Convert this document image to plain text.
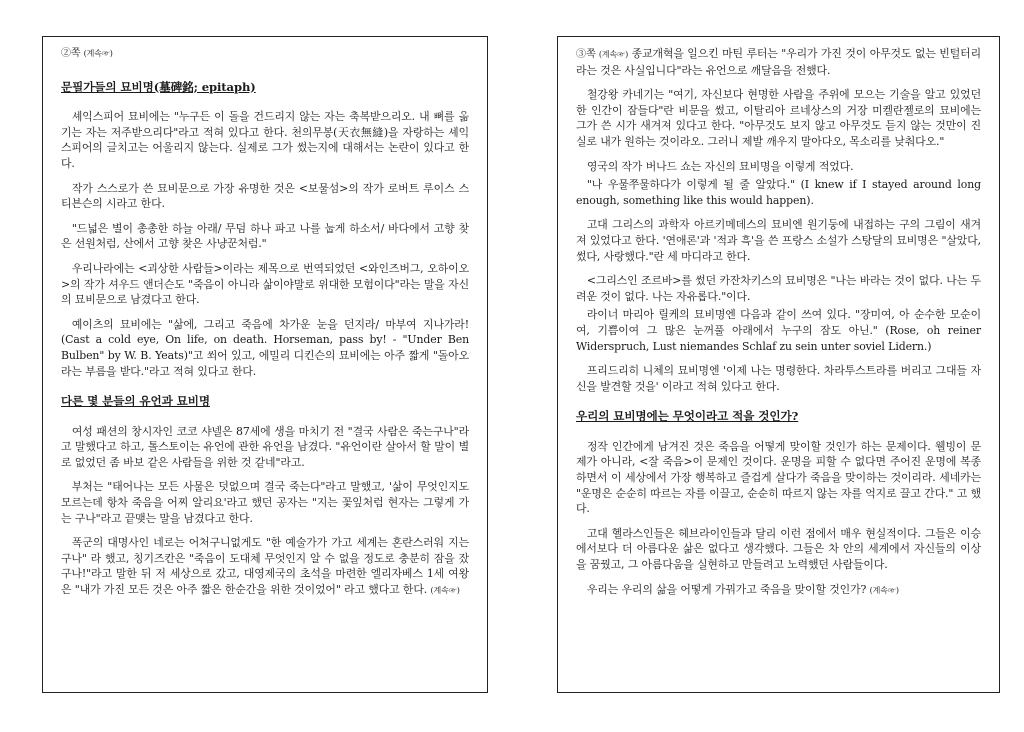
②쪽 (계속☞)
문필가들의 묘비명(墓碑銘; epitaph)

셰익스피어 묘비에는 "누구든 이 돌을 건드리지 않는 자는 축복받으리오. 내 뼈를 옮기는 자는 저주받으리다"라고 적혀 있다고 한다. 천의무봉(天衣無縫)을 자랑하는 셰익스피어의 글치고는 어울리지 않는다. 실제로 그가 썼는지에 대해서는 논란이 있다고 한다.

작가 스스로가 쓴 묘비문으로 가장 유명한 것은 <보물섬>의 작가 로버트 루이스 스티븐슨의 시라고 한다.

"드넓은 별이 총총한 하늘 아래/ 무덤 하나 파고 나를 눕게 하소서/ 바다에서 고향 찾은 선원처럼, 산에서 고향 찾은 사냥꾼처럼."

우리나라에는 <괴상한 사람들>이라는 제목으로 번역되었던 <와인즈버그, 오하이오>의 작가 셔우드 앤더슨도 "죽음이 아니라 삶이야말로 위대한 모험이다"라는 말을 자신의 묘비문으로 남겼다고 한다.

예이츠의 묘비에는 "삶에, 그리고 죽음에 차가운 눈을 던지라/ 마부여 지나가라! (Cast a cold eye, On life, on death. Horseman, pass by! - "Under Ben Bulben" by W. B. Yeats)"고 쐬어 있고, 에밀리 디킨슨의 묘비에는 아주 짧게 "돌아오라는 부름을 받다."라고 적혀 있다고 한다.

다른 몇 분들의 유언과 묘비명

여성 패션의 창시자인 코코 샤넬은 87세에 생을 마치기 전 "결국 사람은 죽는구나"라고 말했다고 하고, 톨스토이는 유언에 관한 유언을 남겼다. "유언이란 살아서 할 말이 별로 없었던 좀 바보 같은 사람들을 위한 것 같네"라고.

부처는 "태어나는 모든 사물은 덧없으며 결국 죽는다"라고 말했고, '삶이 무엇인지도 모르는데 항차 죽음을 어찌 알리요'라고 했던 공자는 "지는 꽃잎처럼 현자는 그렇게 가는 구나"라고 끝맺는 말을 남겼다고 한다.

폭군의 대명사인 네로는 어처구니없게도 "한 예술가가 가고 세계는 혼란스러워 지는구나" 라 했고, 칭기즈칸은 "죽음이 도대체 무엇인지 알 수 없을 정도로 충분히 잠을 잤구나!"라고 말한 뒤 저 세상으로 갔고, 대영제국의 초석을 마련한 엘리자베스 1세 여왕은 "내가 가진 모든 것은 아주 짧은 한순간을 위한 것이었어" 라고 했다고 한다. (계속☞)

③쪽 (계속☞) 종교개혁을 일으킨 마틴 루터는 "우리가 가진 것이 아무것도 없는 빈털터리라는 것은 사실입니다"라는 유언으로 깨달음을 전했다.

철강왕 카네기는 "여기, 자신보다 현명한 사람을 주위에 모으는 기술을 알고 있었던 한 인간이 잠들다"란 비문을 썼고, 이탈리아 르네상스의 거장 미켈란젤로의 묘비에는 그가 쓴 시가 새겨져 있다고 한다. "아무것도 보지 않고 아무것도 듣지 않는 것만이 진실로 내가 원하는 것이라오. 그러니 제발 깨우지 말아다오, 목소리를 낮춰다오."

영국의 작가 버나드 쇼는 자신의 묘비명을 이렇게 적었다.

"나 우물쭈물하다가 이렇게 될 줄 알았다." (I knew if I stayed around long enough, something like this would happen).

고대 그리스의 과학자 아르키메데스의 묘비엔 원기둥에 내접하는 구의 그림이 새겨져 있었다고 한다. '연애론'과 '적과 흑'을 쓴 프랑스 소설가 스탕달의 묘비명은 "살았다, 썼다, 사랑했다."란 세 마디라고 한다.

<그리스인 조르바>를 썼던 카잔차키스의 묘비명은 "나는 바라는 것이 없다. 나는 두려운 것이 없다. 나는 자유롭다."이다.

라이너 마리아 릴케의 묘비명엔 다음과 같이 쓰여 있다. "장미여, 아 순수한 모순이여, 기쁨이여 그 많은 눈꺼풀 아래에서 누구의 잠도 아닌." (Rose, oh reiner Widerspruch, Lust niemandes Schlaf zu sein unter soviel Lidern.)

프리드리히 니체의 묘비명엔 '이제 나는 명령한다. 차라투스트라를 버리고 그대들 자신을 발견할 것을' 이라고 적혀 있다고 한다.

우리의 묘비명에는 무엇이라고 적을 것인가?

정작 인간에게 남겨진 것은 죽음을 어떻게 맞이할 것인가 하는 문제이다. 웰빙이 문제가 아니라, <잘 죽음>이 문제인 것이다. 운명을 피할 수 없다면 주어진 운명에 복종하면서 이 세상에서 가장 행복하고 즐겁게 살다가 죽음을 맞이하는 것이리라. 세네카는 "운명은 순순히 따르는 자를 이끌고, 순순히 따르지 않는 자를 억지로 끌고 간다." 고 했다.

고대 헬라스인들은 헤브라이인들과 달리 이런 점에서 매우 현실적이다. 그들은 이승에서보다 더 아름다운 삶은 없다고 생각했다. 그들은 차 안의 세계에서 자신들의 이상을 꿈꿨고, 그 아름다움을 실현하고 만들려고 노력했던 사람들이다.

우리는 우리의 삶을 어떻게 가꿔가고 죽음을 맞이할 것인가? (계속☞)
